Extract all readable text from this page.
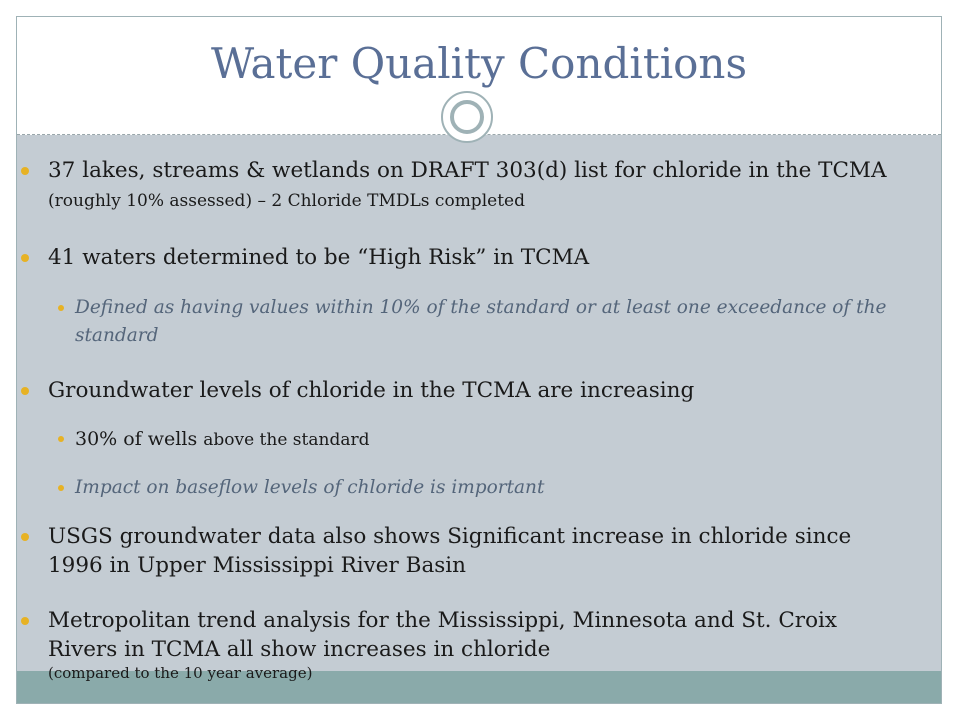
Water Quality Conditions
37 lakes, streams & wetlands on DRAFT 303(d) list for chloride in the TCMA (roughly 10% assessed) – 2 Chloride TMDLs completed
41 waters determined to be “High Risk” in TCMA
Defined as having values within 10% of the standard or at least one exceedance of the standard
Groundwater levels of chloride in the TCMA are increasing
30% of wells above the standard
Impact on baseflow levels of chloride is important
USGS groundwater data also shows Significant increase in chloride since 1996 in Upper Mississippi River Basin
Metropolitan trend analysis for the Mississippi, Minnesota and St. Croix Rivers in TCMA all show increases in chloride
(compared to the 10 year average)
